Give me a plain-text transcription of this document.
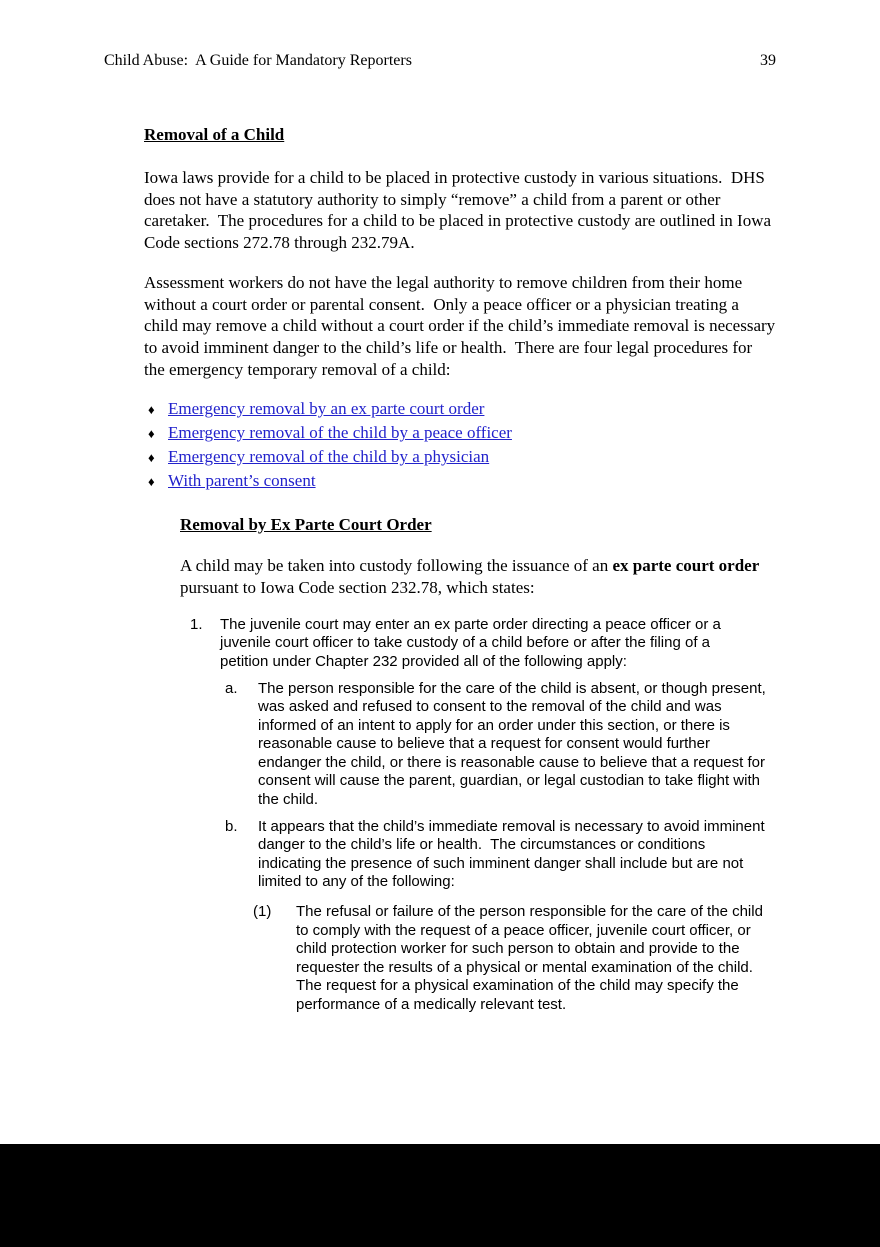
Child Abuse:  A Guide for Mandatory Reporters	39
Removal of a Child

Iowa laws provide for a child to be placed in protective custody in various situations.  DHS does not have a statutory authority to simply “remove” a child from a parent or other caretaker.  The procedures for a child to be placed in protective custody are outlined in Iowa Code sections 272.78 through 232.79A.

Assessment workers do not have the legal authority to remove children from their home without a court order or parental consent.  Only a peace officer or a physician treating a child may remove a child without a court order if the child’s immediate removal is necessary to avoid imminent danger to the child’s life or health.  There are four legal procedures for the emergency temporary removal of a child:

♦ Emergency removal by an ex parte court order
♦ Emergency removal of the child by a peace officer
♦ Emergency removal of the child by a physician
♦ With parent’s consent
Removal by Ex Parte Court Order

A child may be taken into custody following the issuance of an ex parte court order pursuant to Iowa Code section 232.78, which states:

1.	The juvenile court may enter an ex parte order directing a peace officer or a juvenile court officer to take custody of a child before or after the filing of a petition under Chapter 232 provided all of the following apply:
a.	The person responsible for the care of the child is absent, or though present, was asked and refused to consent to the removal of the child and was informed of an intent to apply for an order under this section, or there is reasonable cause to believe that a request for consent would further endanger the child, or there is reasonable cause to believe that a request for consent will cause the parent, guardian, or legal custodian to take flight with the child.
b.	It appears that the child’s immediate removal is necessary to avoid imminent danger to the child’s life or health.  The circumstances or conditions indicating the presence of such imminent danger shall include but are not limited to any of the following:
(1)	The refusal or failure of the person responsible for the care of the child to comply with the request of a peace officer, juvenile court officer, or child protection worker for such person to obtain and provide to the requester the results of a physical or mental examination of the child.  The request for a physical examination of the child may specify the performance of a medically relevant test.
